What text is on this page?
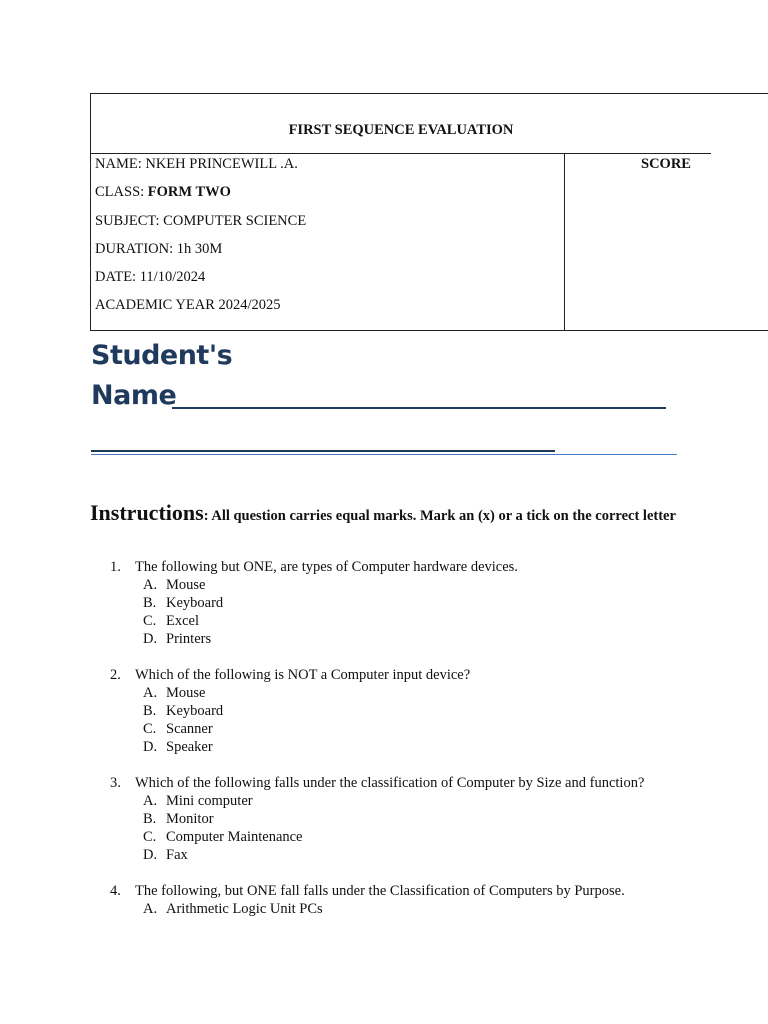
FIRST SEQUENCE EVALUATION
NAME: NKEH PRINCEWILL .A.
CLASS: FORM TWO
SUBJECT: COMPUTER SCIENCE
DURATION: 1h 30M
DATE: 11/10/2024
ACADEMIC YEAR 2024/2025
SCORE
Student's
Name
Instructions: All question carries equal marks. Mark an (x) or a tick on the correct letter
1. The following but ONE, are types of Computer hardware devices.
A. Mouse
B. Keyboard
C. Excel
D. Printers
2. Which of the following is NOT a Computer input device?
A. Mouse
B. Keyboard
C. Scanner
D. Speaker
3. Which of the following falls under the classification of Computer by Size and function?
A. Mini computer
B. Monitor
C. Computer Maintenance
D. Fax
4. The following, but ONE fall falls under the Classification of Computers by Purpose.
A. Arithmetic Logic Unit PCs
